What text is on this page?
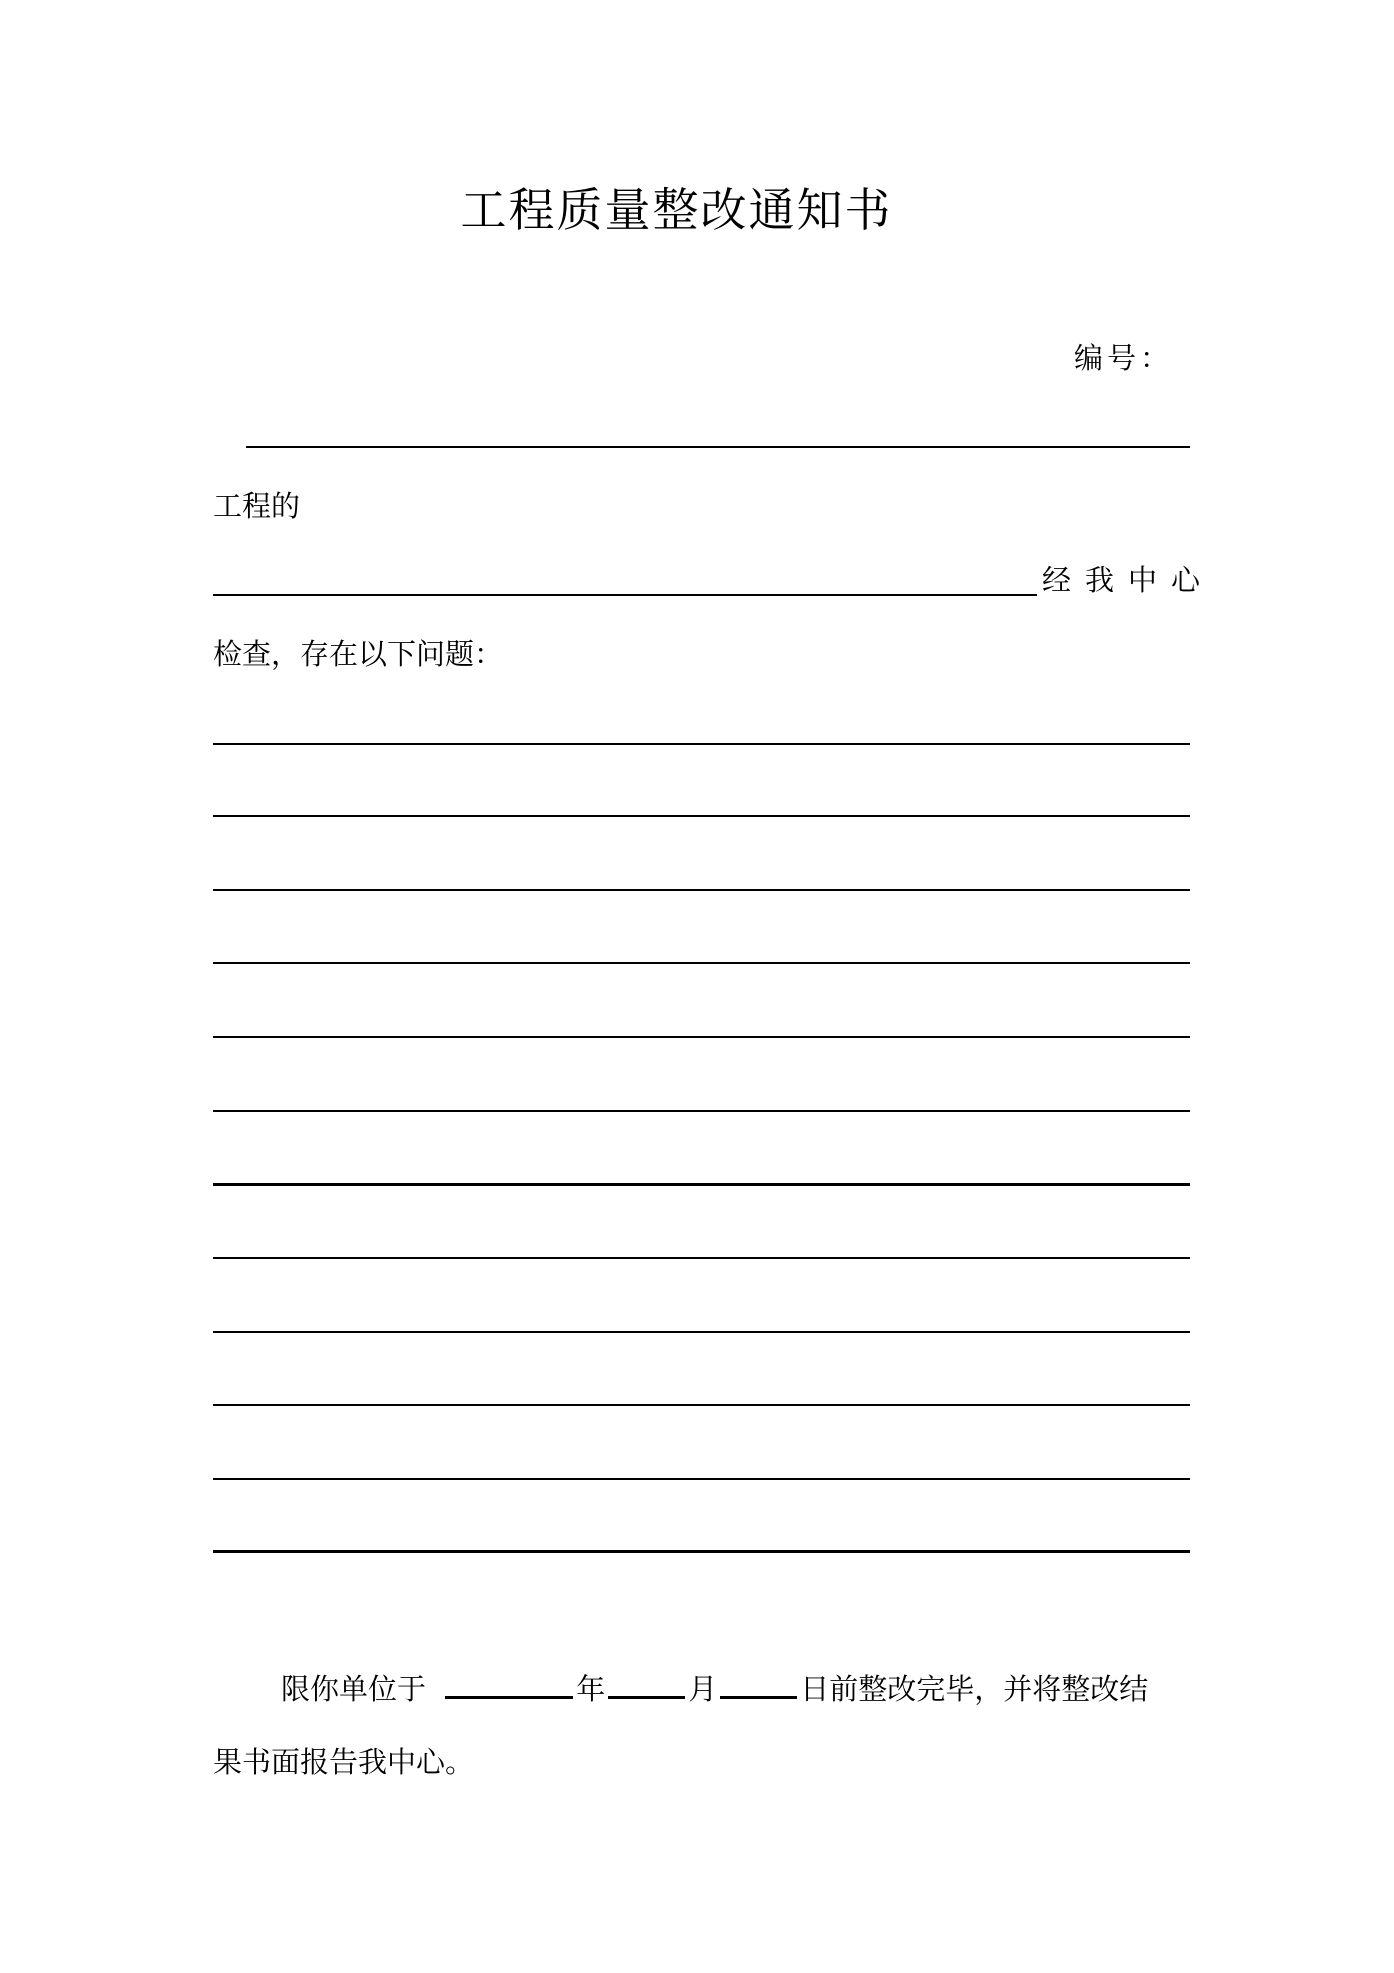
工程质量整改通知书
编号：
工程的
经我中心
检查，存在以下问题：
限你单位于	年	月	日前整改完毕，并将整改结
果书面报告我中心。
